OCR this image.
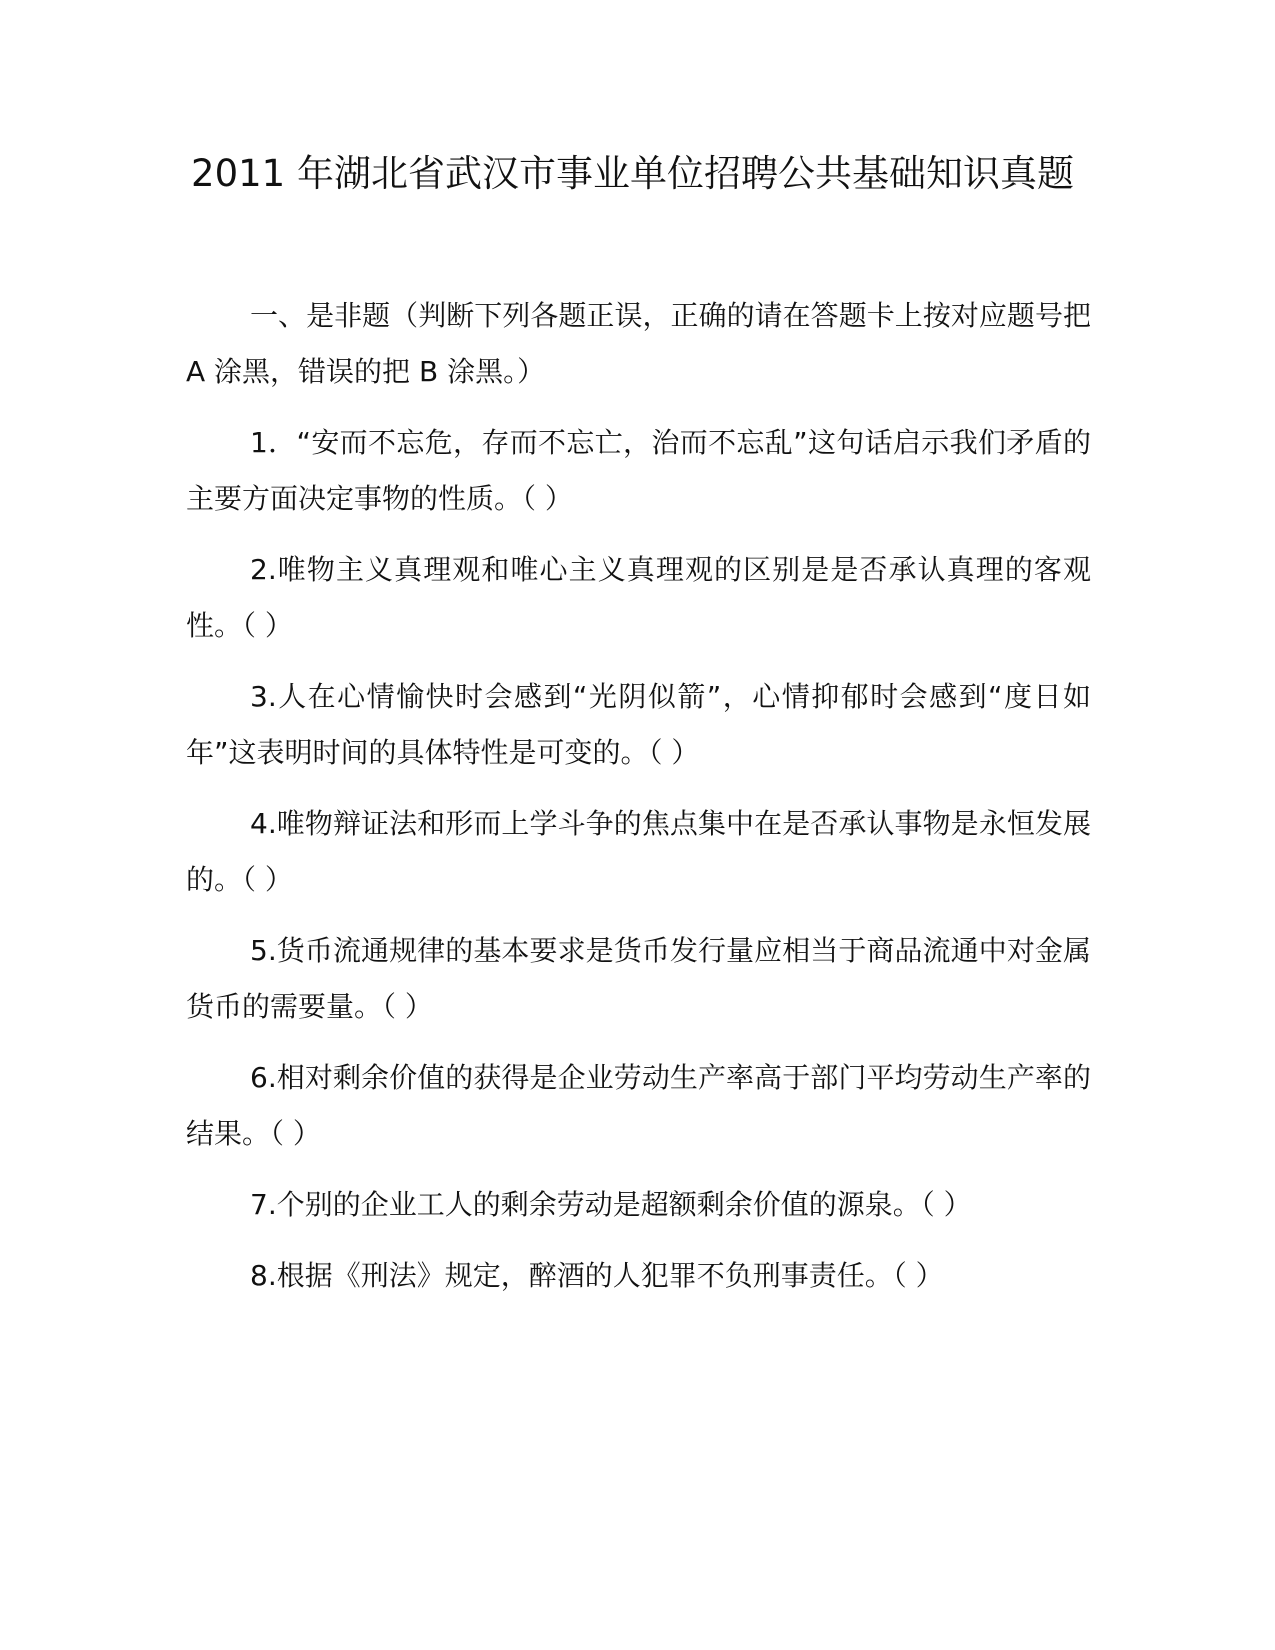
2011 年湖北省武汉市事业单位招聘公共基础知识真题

一、是非题（判断下列各题正误，正确的请在答题卡上按对应题号把 A 涂黑，错误的把 B 涂黑。）

1．“安而不忘危，存而不忘亡，治而不忘乱”这句话启示我们矛盾的主要方面决定事物的性质。（ ）

2.唯物主义真理观和唯心主义真理观的区别是是否承认真理的客观性。（ ）

3.人在心情愉快时会感到“光阴似箭”，心情抑郁时会感到“度日如年”这表明时间的具体特性是可变的。（ ）

4.唯物辩证法和形而上学斗争的焦点集中在是否承认事物是永恒发展的。（ ）

5.货币流通规律的基本要求是货币发行量应相当于商品流通中对金属货币的需要量。（ ）

6.相对剩余价值的获得是企业劳动生产率高于部门平均劳动生产率的结果。（ ）

7.个别的企业工人的剩余劳动是超额剩余价值的源泉。（ ）

8.根据《刑法》规定，醉酒的人犯罪不负刑事责任。（ ）
